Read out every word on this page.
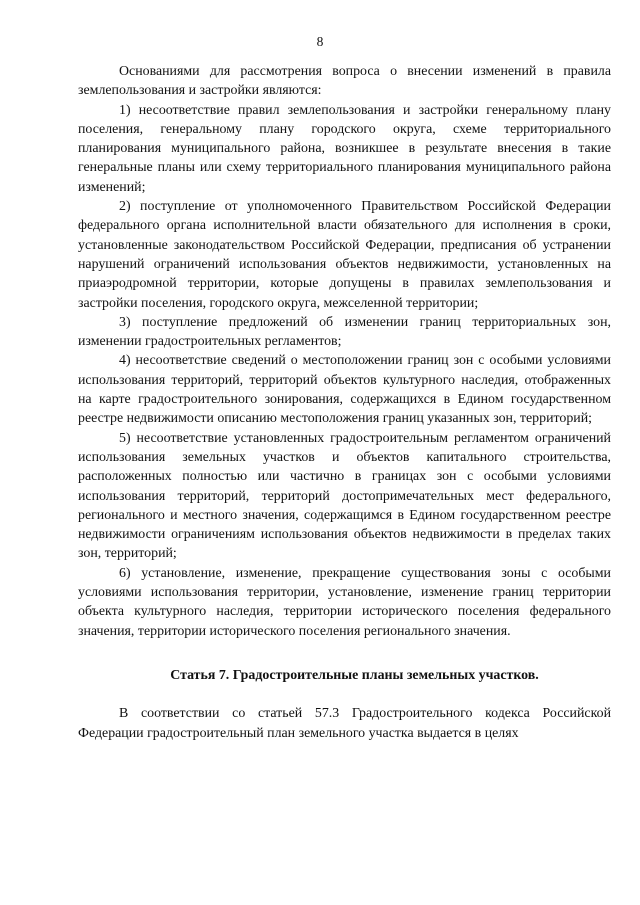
8

Основаниями для рассмотрения вопроса о внесении изменений в правила землепользования и застройки являются:

1) несоответствие правил землепользования и застройки генеральному плану поселения, генеральному плану городского округа, схеме территориального планирования муниципального района, возникшее в результате внесения в такие генеральные планы или схему территориального планирования муниципального района изменений;

2) поступление от уполномоченного Правительством Российской Федерации федерального органа исполнительной власти обязательного для исполнения в сроки, установленные законодательством Российской Федерации, предписания об устранении нарушений ограничений использования объектов недвижимости, установленных на приаэродромной территории, которые допущены в правилах землепользования и застройки поселения, городского округа, межселенной территории;

3) поступление предложений об изменении границ территориальных зон, изменении градостроительных регламентов;

4) несоответствие сведений о местоположении границ зон с особыми условиями использования территорий, территорий объектов культурного наследия, отображенных на карте градостроительного зонирования, содержащихся в Едином государственном реестре недвижимости описанию местоположения границ указанных зон, территорий;

5) несоответствие установленных градостроительным регламентом ограничений использования земельных участков и объектов капитального строительства, расположенных полностью или частично в границах зон с особыми условиями использования территорий, территорий достопримечательных мест федерального, регионального и местного значения, содержащимся в Едином государственном реестре недвижимости ограничениям использования объектов недвижимости в пределах таких зон, территорий;

6) установление, изменение, прекращение существования зоны с особыми условиями использования территории, установление, изменение границ территории объекта культурного наследия, территории исторического поселения федерального значения, территории исторического поселения регионального значения.

Статья 7. Градостроительные планы земельных участков.

В соответствии со статьей 57.3 Градостроительного кодекса Российской Федерации градостроительный план земельного участка выдается в целях
